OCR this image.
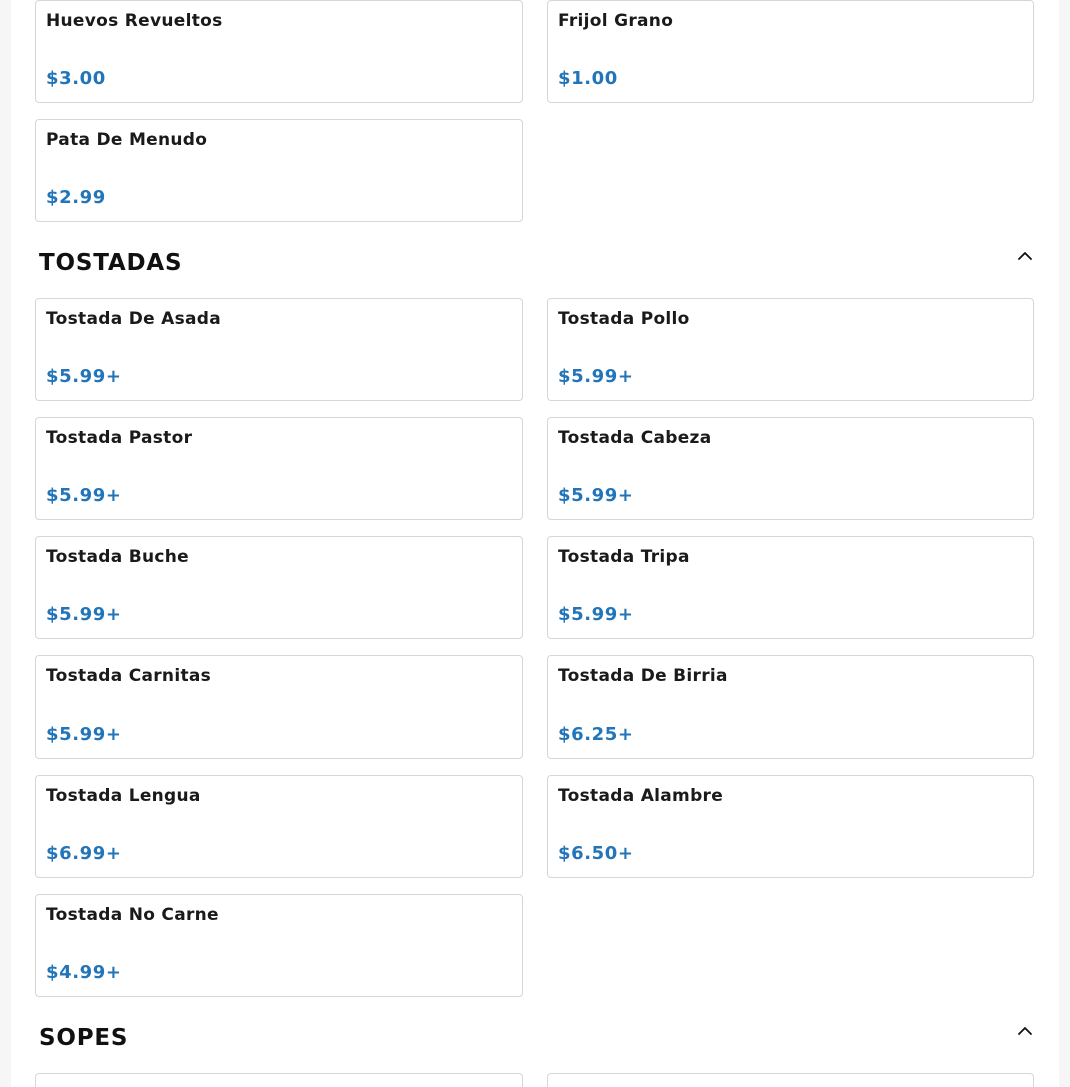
Huevos Revueltos
$3.00
Frijol Grano
$1.00
Pata De Menudo
$2.99
TOSTADAS
Tostada De Asada
$5.99+
Tostada Pollo
$5.99+
Tostada Pastor
$5.99+
Tostada Cabeza
$5.99+
Tostada Buche
$5.99+
Tostada Tripa
$5.99+
Tostada Carnitas
$5.99+
Tostada De Birria
$6.25+
Tostada Lengua
$6.99+
Tostada Alambre
$6.50+
Tostada No Carne
$4.99+
SOPES
